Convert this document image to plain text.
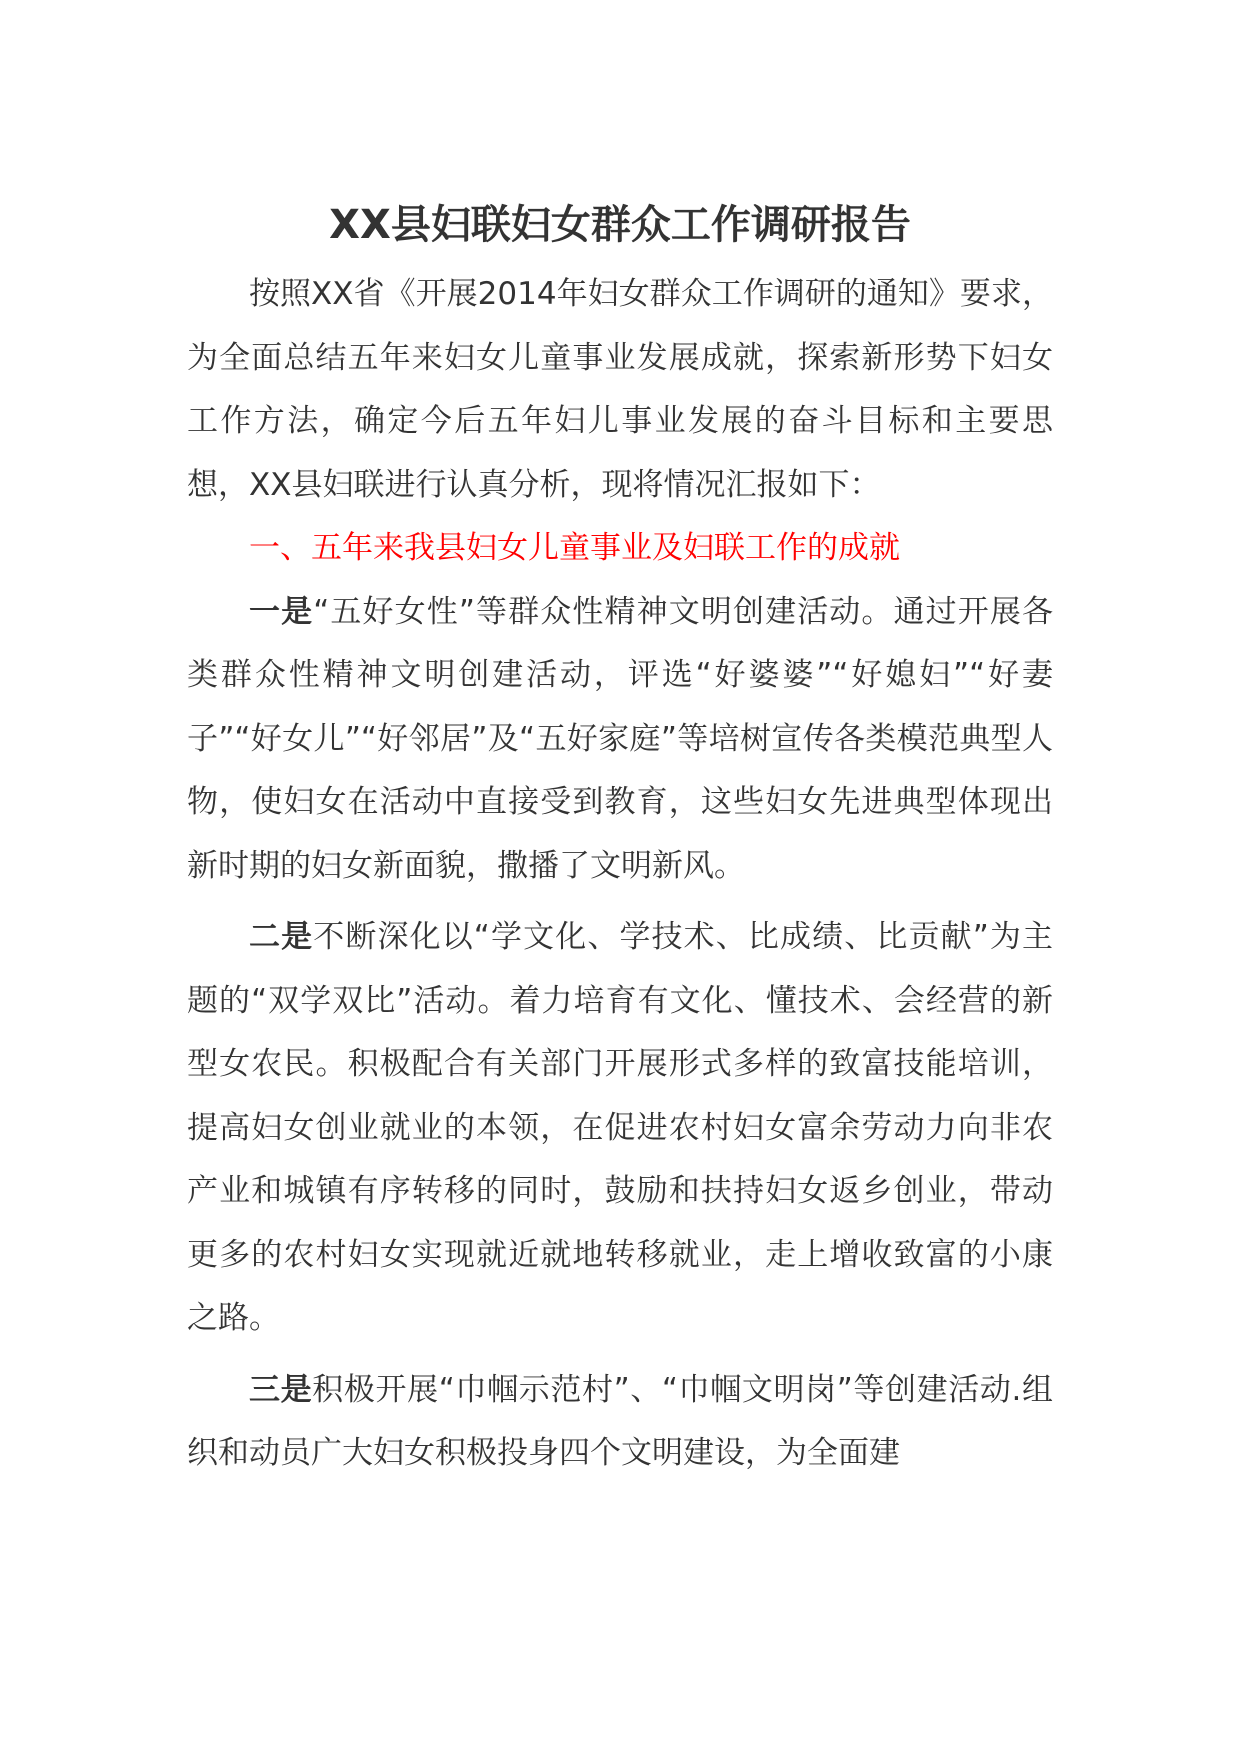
XX县妇联妇女群众工作调研报告

按照XX省《开展2014年妇女群众工作调研的通知》要求，为全面总结五年来妇女儿童事业发展成就，探索新形势下妇女工作方法，确定今后五年妇儿事业发展的奋斗目标和主要思想，XX县妇联进行认真分析，现将情况汇报如下：

一、五年来我县妇女儿童事业及妇联工作的成就

一是“五好女性”等群众性精神文明创建活动。通过开展各类群众性精神文明创建活动，评选“好婆婆”“好媳妇”“好妻子”“好女儿”“好邻居”及“五好家庭”等培树宣传各类模范典型人物，使妇女在活动中直接受到教育，这些妇女先进典型体现出新时期的妇女新面貌，撒播了文明新风。

二是不断深化以“学文化、学技术、比成绩、比贡献”为主题的“双学双比”活动。着力培育有文化、懂技术、会经营的新型女农民。积极配合有关部门开展形式多样的致富技能培训，提高妇女创业就业的本领，在促进农村妇女富余劳动力向非农产业和城镇有序转移的同时，鼓励和扶持妇女返乡创业，带动更多的农村妇女实现就近就地转移就业，走上增收致富的小康之路。

三是积极开展“巾帼示范村”、“巾帼文明岗”等创建活动.组织和动员广大妇女积极投身四个文明建设，为全面建
